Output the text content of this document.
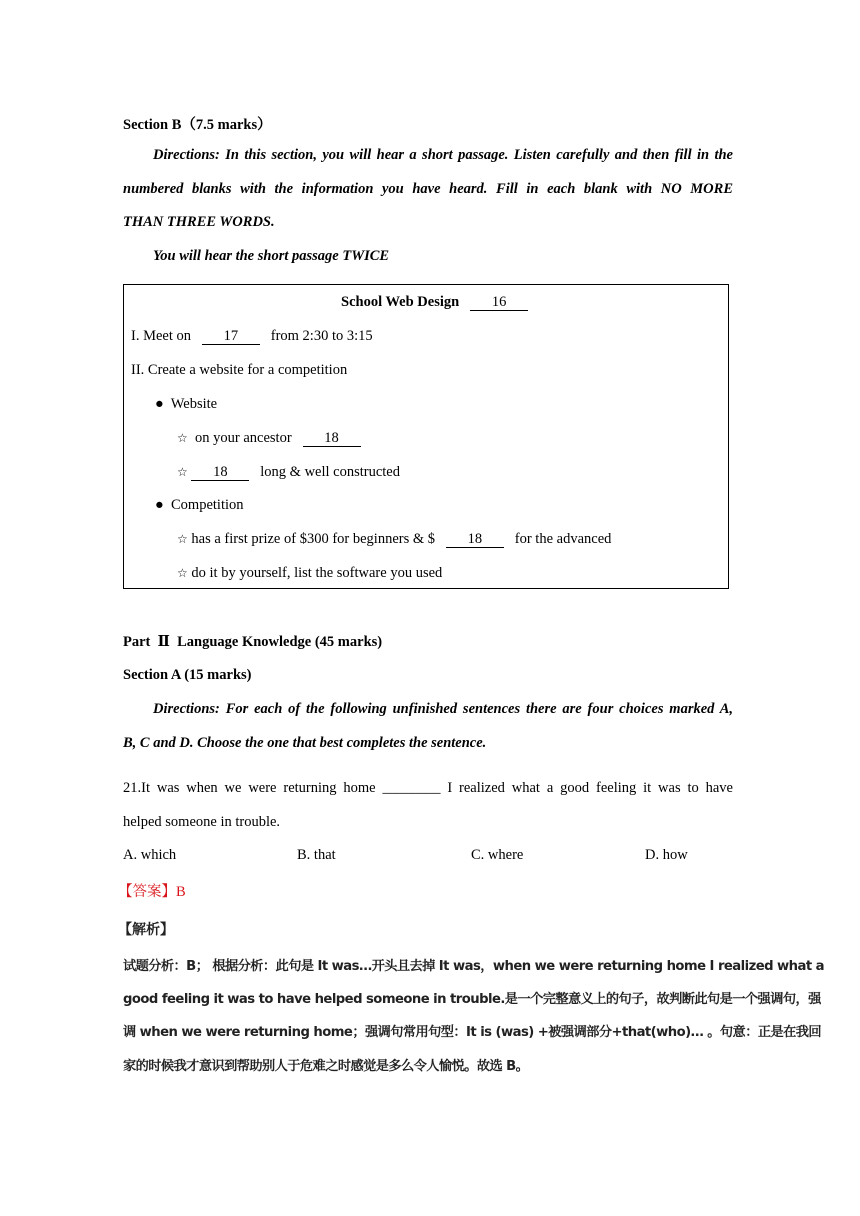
Section B（7.5 marks）
Directions: In this section, you will hear a short passage. Listen carefully and then fill in the
numbered blanks with the information you have heard. Fill in each blank with NO MORE
THAN THREE WORDS.
You will hear the short passage TWICE
School Web Design 16
I. Meet on 17 from 2:30 to 3:15
II. Create a website for a competition
● Website
☆ on your ancestor 18
☆ 18 long & well constructed
● Competition
☆ has a first prize of $300 for beginners & $ 18 for the advanced
☆ do it by yourself, list the software you used
Part  Ⅱ  Language Knowledge (45 marks)
Section A (15 marks)
Directions: For each of the following unfinished sentences there are four choices marked A,
B, C and D. Choose the one that best completes the sentence.
21.It was when we were returning home ________ I realized what a good feeling it was to have
helped someone in trouble.
A. which	B. that	C. where	D. how
【答案】B
【解析】
试题分析：B； 根据分析：此句是 It was…开头且去掉 It was，when we were returning home I realized what a
good feeling it was to have helped someone in trouble.是一个完整意义上的句子，故判断此句是一个强调句，强
调 when we were returning home；强调句常用句型：It is (was) +被强调部分+that(who)… 。句意：正是在我回
家的时候我才意识到帮助别人于危难之时感觉是多么令人愉悦。故选 B。
